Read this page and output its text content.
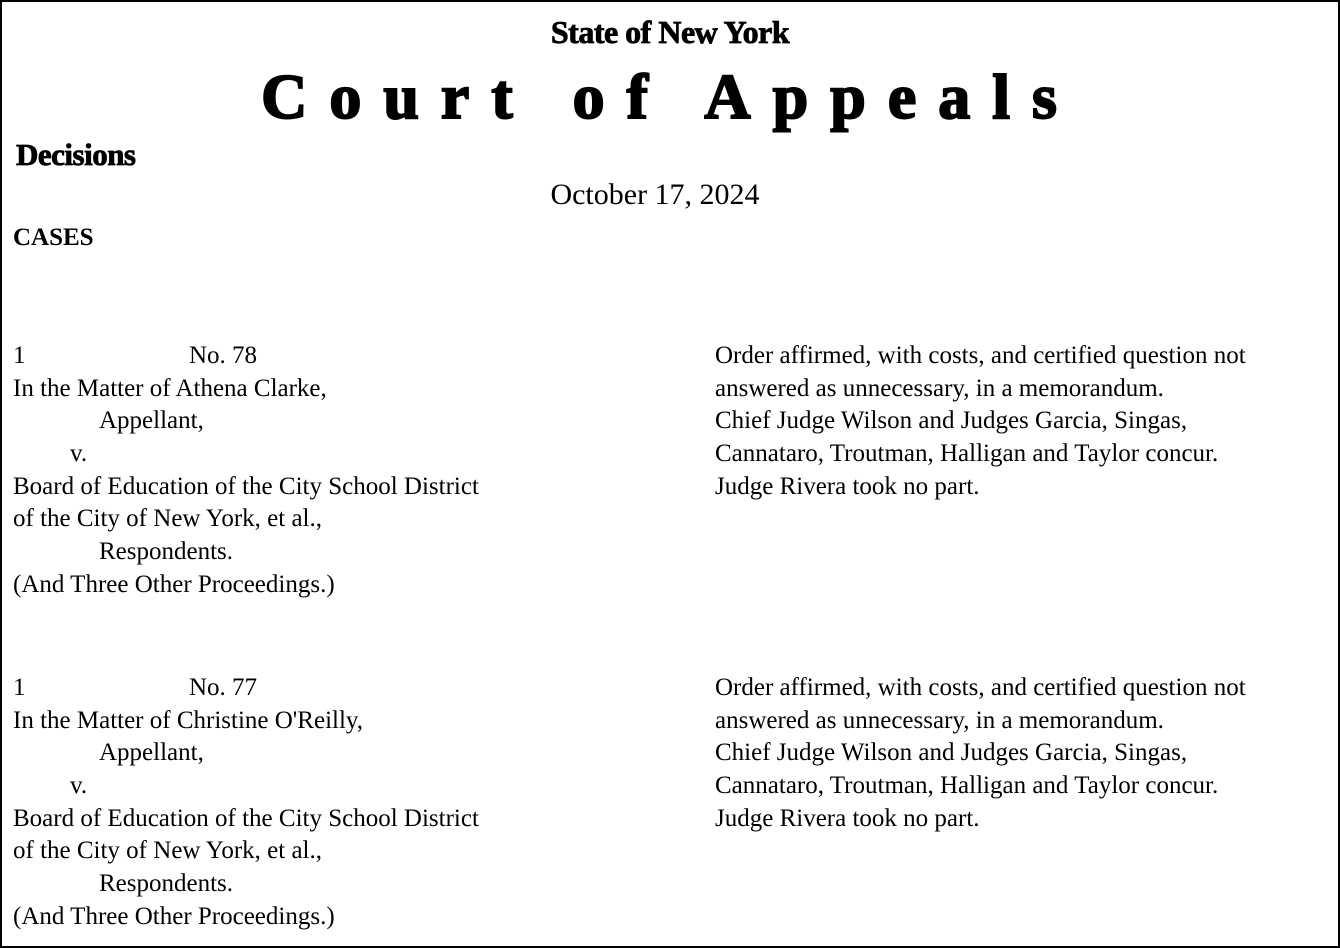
State of New York
Court of Appeals
Decisions
October 17, 2024
CASES
1	No. 78
In the Matter of Athena Clarke,
Appellant,
v.
Board of Education of the City School District
of the City of New York, et al.,
Respondents.
(And Three Other Proceedings.)
Order affirmed, with costs, and certified question not
answered as unnecessary, in a memorandum.
Chief Judge Wilson and Judges Garcia, Singas,
Cannataro, Troutman, Halligan and Taylor concur.
Judge Rivera took no part.
1	No. 77
In the Matter of Christine O'Reilly,
Appellant,
v.
Board of Education of the City School District
of the City of New York, et al.,
Respondents.
(And Three Other Proceedings.)
Order affirmed, with costs, and certified question not
answered as unnecessary, in a memorandum.
Chief Judge Wilson and Judges Garcia, Singas,
Cannataro, Troutman, Halligan and Taylor concur.
Judge Rivera took no part.
